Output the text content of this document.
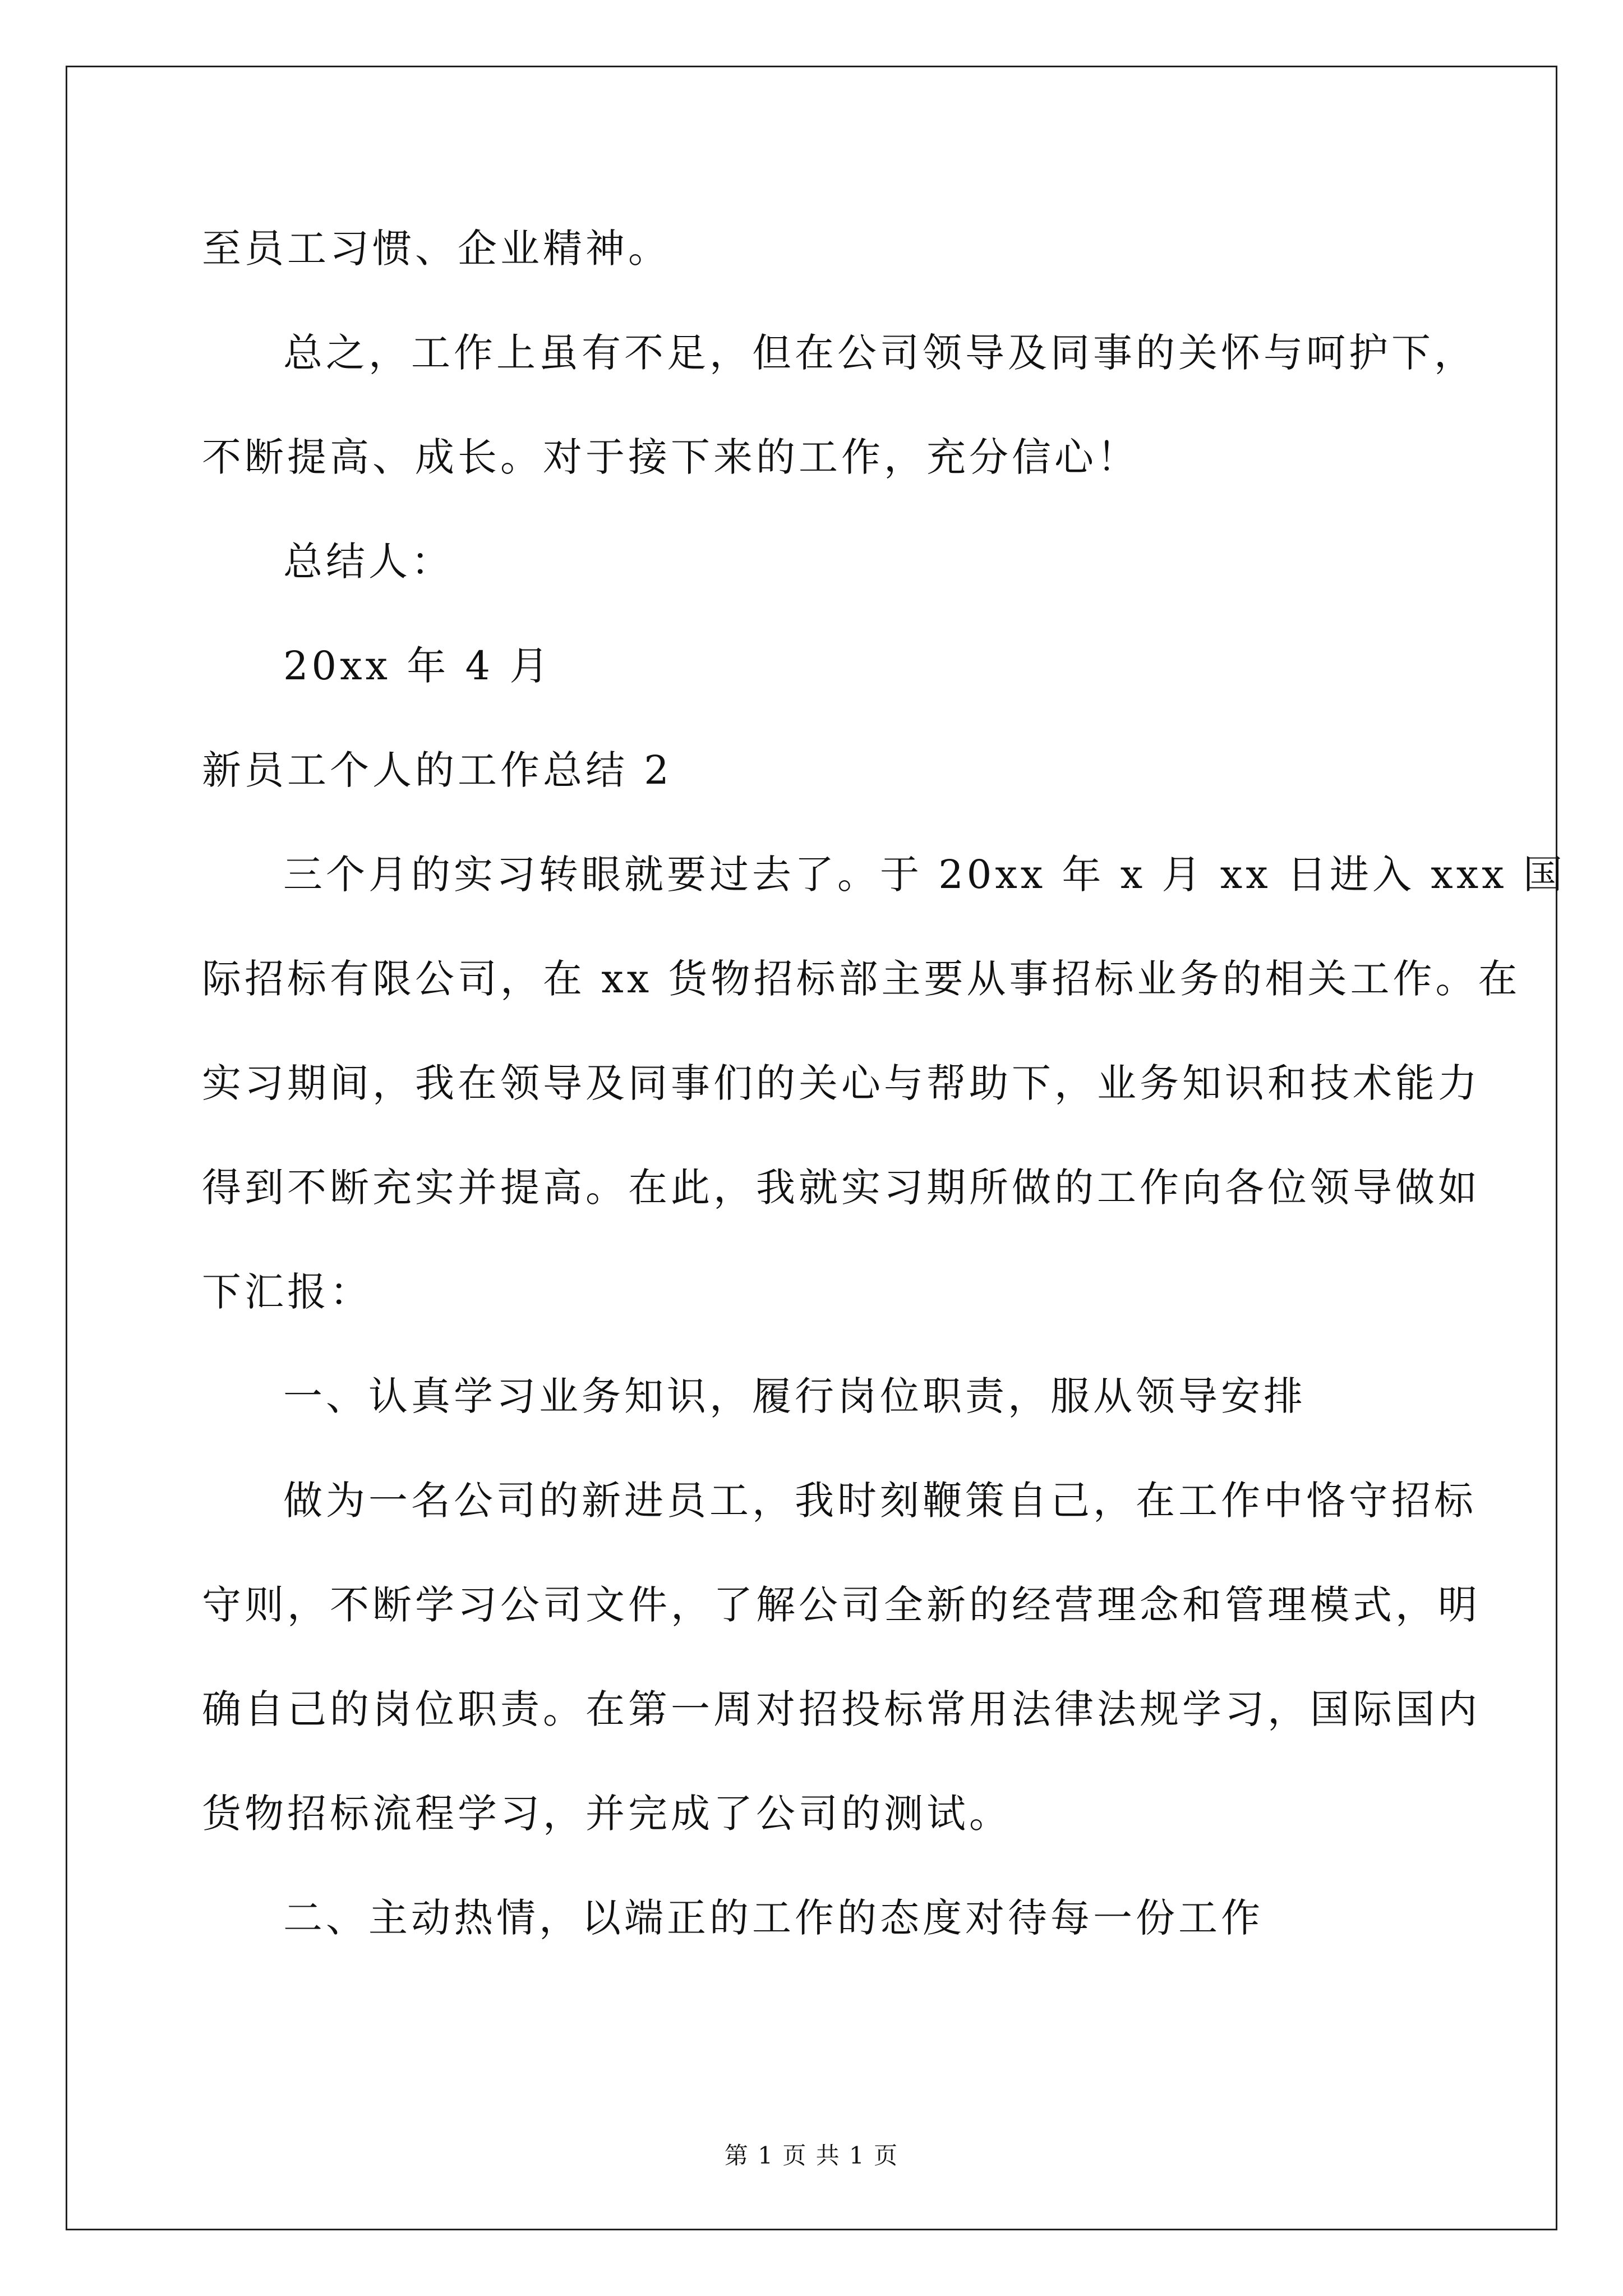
至员工习惯、企业精神。
总之，工作上虽有不足，但在公司领导及同事的关怀与呵护下，
不断提高、成长。对于接下来的工作，充分信心！
总结人：
20xx 年 4 月
新员工个人的工作总结 2
三个月的实习转眼就要过去了。于 20xx 年 x 月 xx 日进入 xxx 国
际招标有限公司，在 xx 货物招标部主要从事招标业务的相关工作。在
实习期间，我在领导及同事们的关心与帮助下，业务知识和技术能力
得到不断充实并提高。在此，我就实习期所做的工作向各位领导做如
下汇报：
一、认真学习业务知识，履行岗位职责，服从领导安排
做为一名公司的新进员工，我时刻鞭策自己，在工作中恪守招标
守则，不断学习公司文件，了解公司全新的经营理念和管理模式，明
确自己的岗位职责。在第一周对招投标常用法律法规学习，国际国内
货物招标流程学习，并完成了公司的测试。
二、主动热情，以端正的工作的态度对待每一份工作
第 1 页 共 1 页
